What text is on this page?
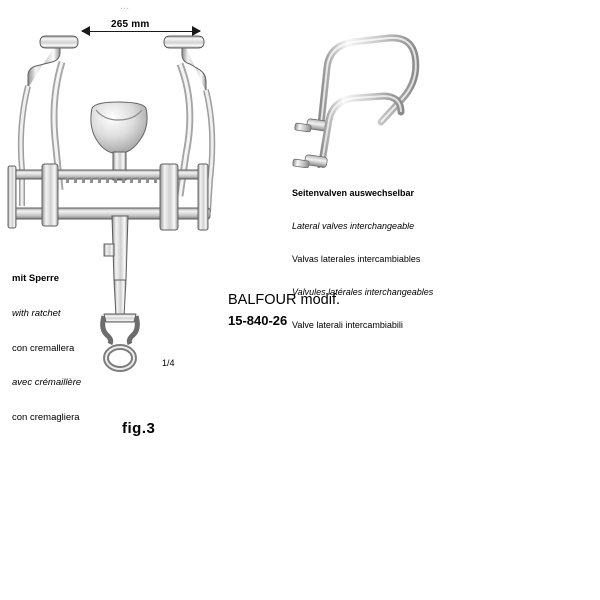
...
265 mm

mit Sperre

with ratchet

con cremallera

avec crémaillère

con cremagliera

Seitenvalven auswechselbar

Lateral valves interchangeable

Valvas laterales intercambiables

Valvules latérales interchangeables

Valve laterali intercambiabili

BALFOUR modif.
15-840-26
1/4
fig.3
